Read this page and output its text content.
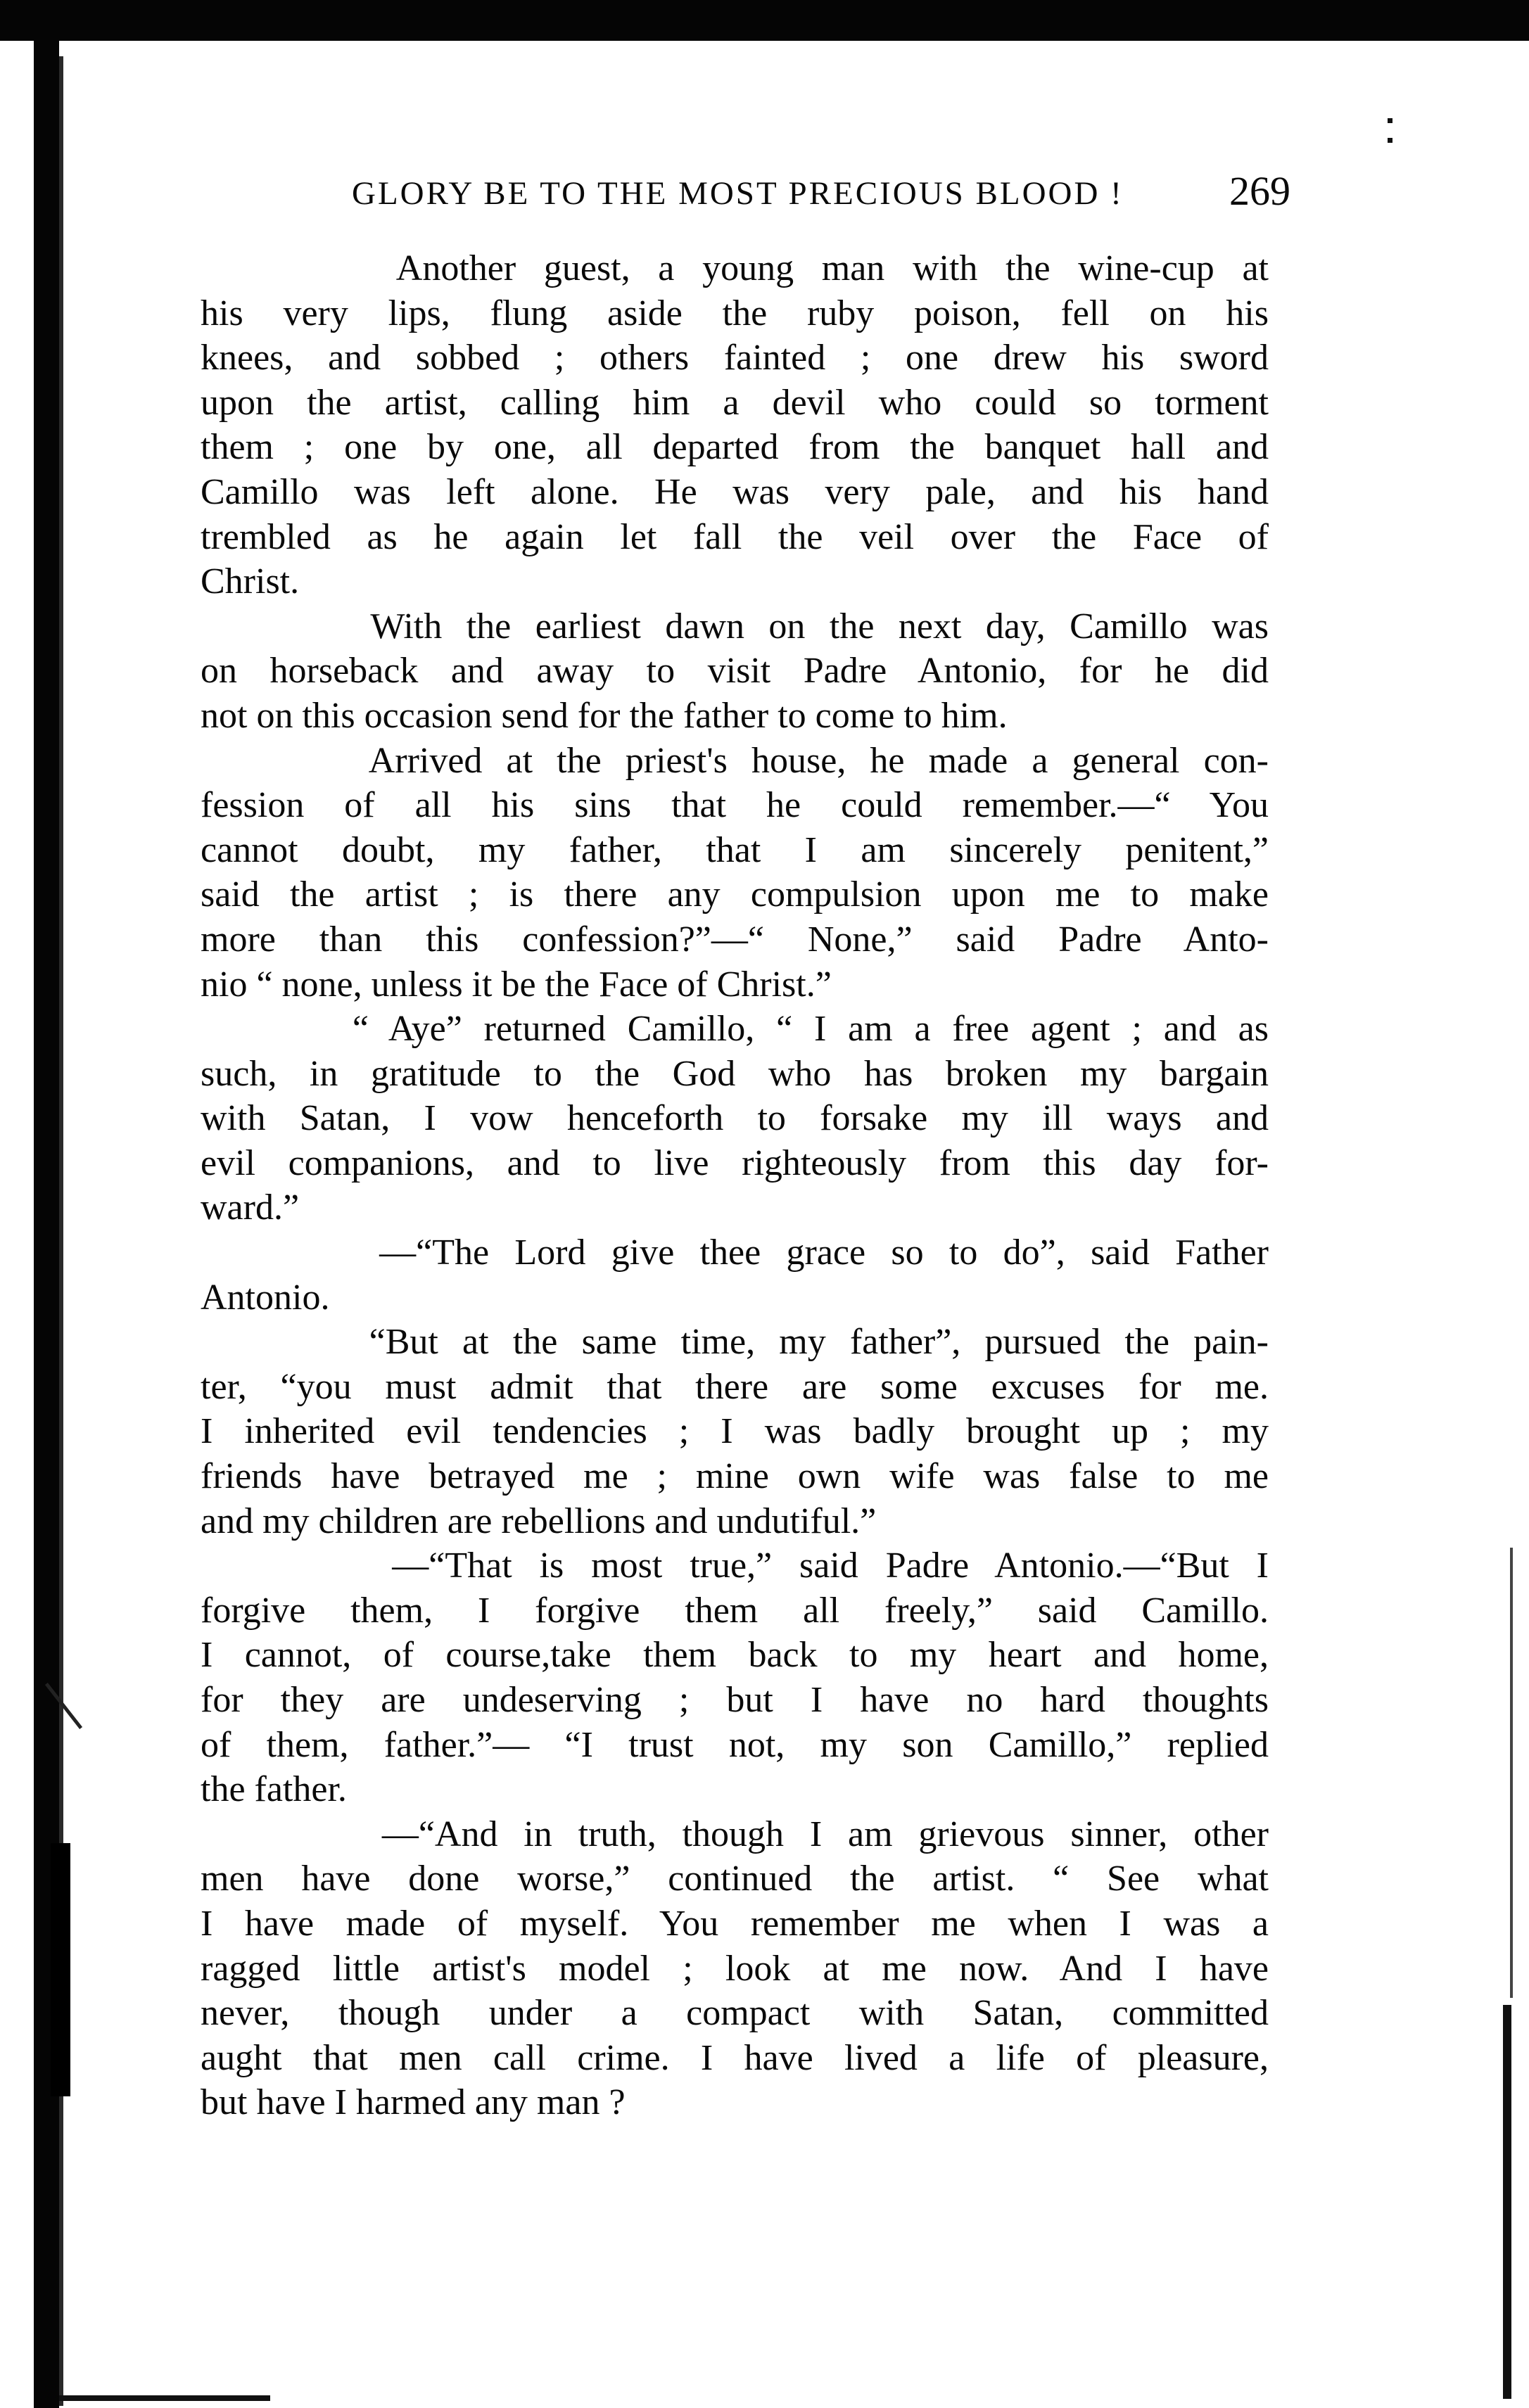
GLORY BE TO THE MOST PRECIOUS BLOOD !	269
Another guest, a young man with the wine-cup at
his very lips, flung aside the ruby poison, fell on his
knees, and sobbed ; others fainted ; one drew his sword
upon the artist, calling him a devil who could so torment
them ; one by one, all departed from the banquet hall and
Camillo was left alone. He was very pale, and his hand
trembled as he again let fall the veil over the Face of
Christ.
With the earliest dawn on the next day, Camillo was
on horseback and away to visit Padre Antonio, for he did
not on this occasion send for the father to come to him.
Arrived at the priest's house, he made a general con-
fession of all his sins that he could remember.—“ You
cannot doubt, my father, that I am sincerely penitent,”
said the artist ; is there any compulsion upon me to make
more than this confession?”—“ None,” said Padre Anto-
nio “ none, unless it be the Face of Christ.”
“ Aye” returned Camillo, “ I am a free agent ; and as
such, in gratitude to the God who has broken my bargain
with Satan, I vow henceforth to forsake my ill ways and
evil companions, and to live righteously from this day for-
ward.”
—“The Lord give thee grace so to do”, said Father
Antonio.
“But at the same time, my father”, pursued the pain-
ter, “you must admit that there are some excuses for me.
I inherited evil tendencies ; I was badly brought up ; my
friends have betrayed me ; mine own wife was false to me
and my children are rebellions and undutiful.”
—“That is most true,” said Padre Antonio.—“But I
forgive them, I forgive them all freely,” said Camillo.
I cannot, of course,take them back to my heart and home,
for they are undeserving ; but I have no hard thoughts
of them, father.”— “I trust not, my son Camillo,” replied
the father.
—“And in truth, though I am grievous sinner, other
men have done worse,” continued the artist. “ See what
I have made of myself. You remember me when I was a
ragged little artist's model ; look at me now. And I have
never, though under a compact with Satan, committed
aught that men call crime. I have lived a life of pleasure,
but have I harmed any man ?
